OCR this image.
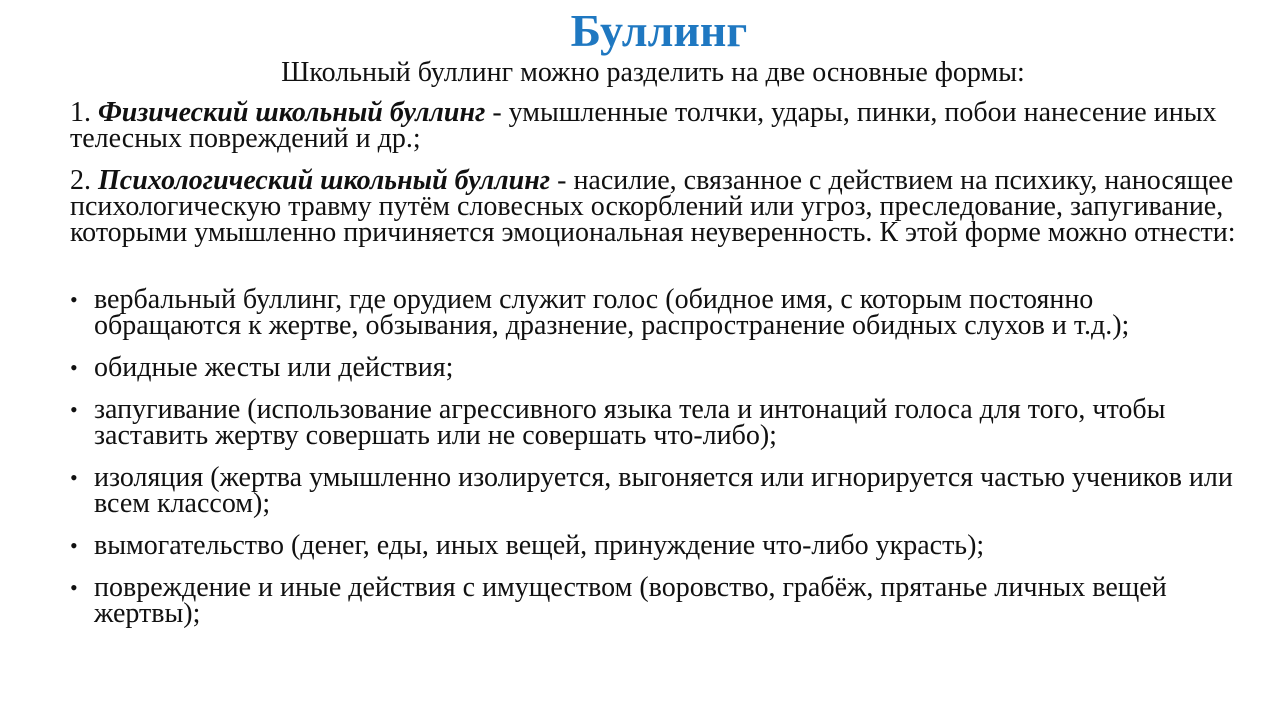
Буллинг
Школьный буллинг можно разделить на две основные формы:
1. Физический школьный буллинг - умышленные толчки, удары, пинки, побои нанесение иных телесных повреждений и др.;
2. Психологический школьный буллинг - насилие, связанное с действием на психику, наносящее психологическую травму путём словесных оскорблений или угроз, преследование, запугивание, которыми умышленно причиняется эмоциональная неуверенность. К этой форме можно отнести:
• вербальный буллинг, где орудием служит голос (обидное имя, с которым постоянно обращаются к жертве, обзывания, дразнение, распространение обидных слухов и т.д.);
• обидные жесты или действия;
• запугивание (использование агрессивного языка тела и интонаций голоса для того, чтобы заставить жертву совершать или не совершать что-либо);
• изоляция (жертва умышленно изолируется, выгоняется или игнорируется частью учеников или всем классом);
• вымогательство (денег, еды, иных вещей, принуждение что-либо украсть);
• повреждение и иные действия с имуществом (воровство, грабёж, прятанье личных вещей жертвы);
